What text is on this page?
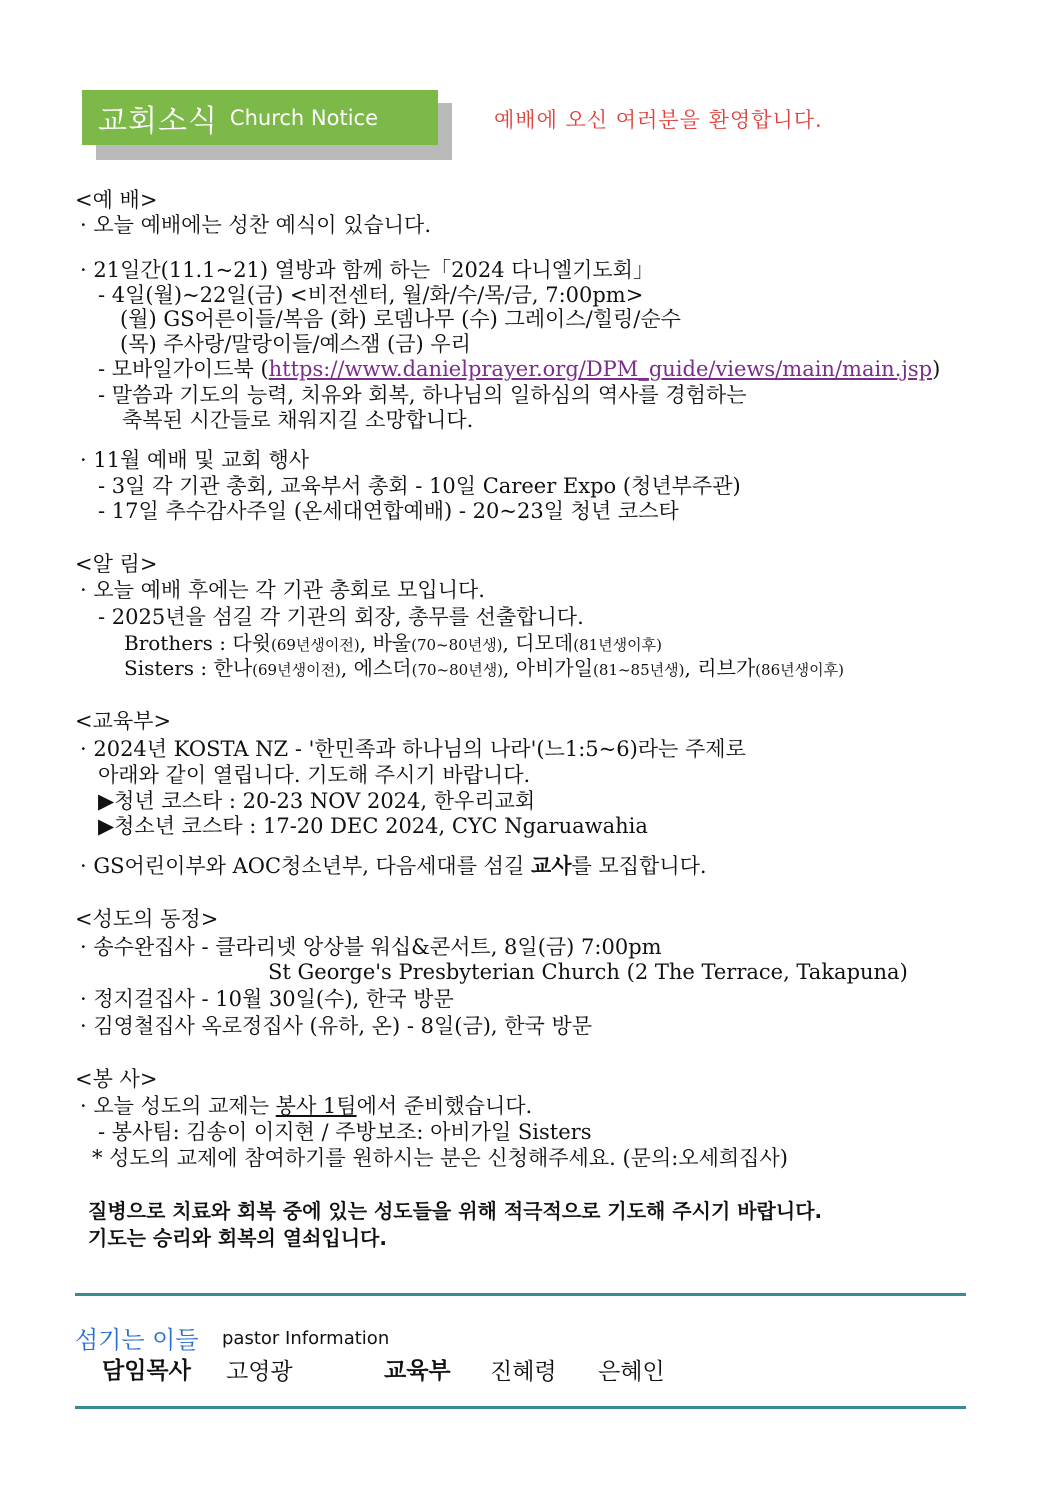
교회소식 Church Notice	예배에 오신 여러분을 환영합니다.
<예 배>
· 오늘 예배에는 성찬 예식이 있습니다.
· 21일간(11.1~21) 열방과 함께 하는「2024 다니엘기도회」
- 4일(월)~22일(금) <비전센터, 월/화/수/목/금, 7:00pm>
(월) GS어른이들/복음 (화) 로뎀나무 (수) 그레이스/힐링/순수
(목) 주사랑/말랑이들/예스잼 (금) 우리
- 모바일가이드북 (https://www.danielprayer.org/DPM_guide/views/main/main.jsp)
- 말씀과 기도의 능력, 치유와 회복, 하나님의 일하심의 역사를 경험하는
축복된 시간들로 채워지길 소망합니다.
· 11월 예배 및 교회 행사
- 3일 각 기관 총회, 교육부서 총회 - 10일 Career Expo (청년부주관)
- 17일 추수감사주일 (온세대연합예배) - 20~23일 청년 코스타
<알 림>
· 오늘 예배 후에는 각 기관 총회로 모입니다.
- 2025년을 섬길 각 기관의 회장, 총무를 선출합니다.
Brothers : 다윗(69년생이전), 바울(70~80년생), 디모데(81년생이후)
Sisters : 한나(69년생이전), 에스더(70~80년생), 아비가일(81~85년생), 리브가(86년생이후)
<교육부>
· 2024년 KOSTA NZ - '한민족과 하나님의 나라'(느1:5~6)라는 주제로
아래와 같이 열립니다. 기도해 주시기 바랍니다.
▶청년 코스타 : 20-23 NOV 2024, 한우리교회
▶청소년 코스타 : 17-20 DEC 2024, CYC Ngaruawahia
· GS어린이부와 AOC청소년부, 다음세대를 섬길 교사를 모집합니다.
<성도의 동정>
· 송수완집사 - 클라리넷 앙상블 워십&콘서트, 8일(금) 7:00pm
St George's Presbyterian Church (2 The Terrace, Takapuna)
· 정지걸집사 - 10월 30일(수), 한국 방문
· 김영철집사 옥로정집사 (유하, 온) - 8일(금), 한국 방문
<봉 사>
· 오늘 성도의 교제는 봉사 1팀에서 준비했습니다.
- 봉사팀: 김송이 이지현 / 주방보조: 아비가일 Sisters
* 성도의 교제에 참여하기를 원하시는 분은 신청해주세요. (문의:오세희집사)
질병으로 치료와 회복 중에 있는 성도들을 위해 적극적으로 기도해 주시기 바랍니다.
기도는 승리와 회복의 열쇠입니다.
섬기는 이들 pastor Information
담임목사 고영광	교육부 진혜령 은혜인
